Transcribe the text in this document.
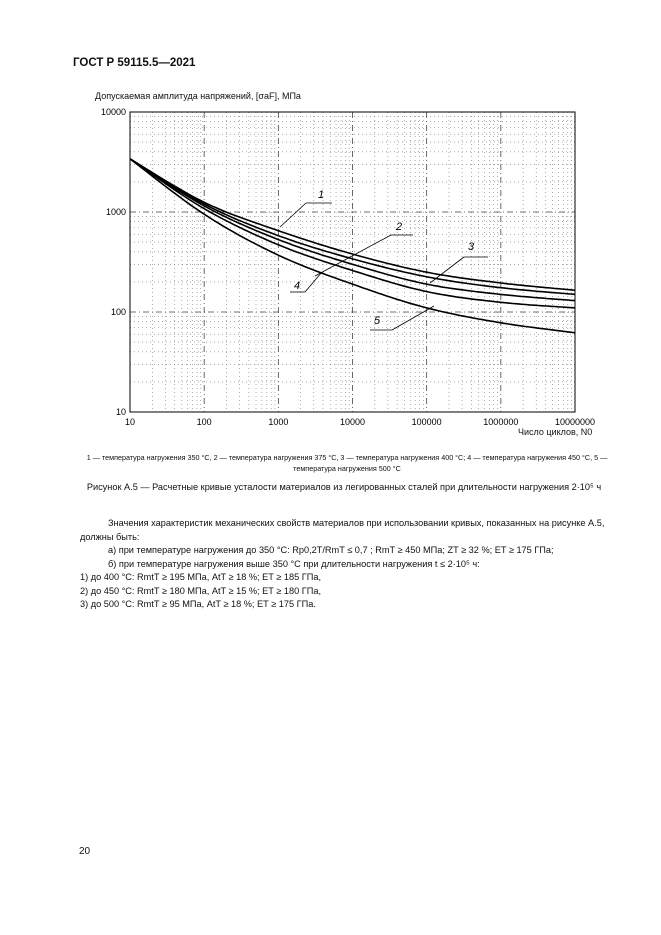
ГОСТ Р 59115.5—2021
Допускаемая амплитуда напряжений, [σaF], МПа
10	100	1000	10000	100000	1000000	10000000
10
100
1000
10000
1
2
3
4
5
Число циклов, N0
1 — температура нагружения 350 °С, 2 — температура нагружения 375 °С, 3 — температура нагружения 400 °С; 4 — температура нагружения 450 °С, 5 — температура нагружения 500 °С
Рисунок А.5 — Расчетные кривые усталости материалов из легированных сталей при длительности нагружения 2·10⁵ ч

Значения характеристик механических свойств материалов при использовании кривых, показанных на рисунке А.5, должны быть:

а) при температуре нагружения до 350 °С: Rp0,2T/RmT ≤ 0,7 ; RmT ≥ 450 МПа; ZT ≥ 32 %; ET ≥ 175 ГПа;

б) при температуре нагружения выше 350 °С при длительности нагружения t ≤ 2·10⁵ ч:

1) до 400 °С: RmtT ≥ 195 МПа, AtT ≥ 18 %; ET ≥ 185 ГПа,

2) до 450 °С: RmtT ≥ 180 МПа, AtT ≥ 15 %; ET ≥ 180 ГПа,

3) до 500 °С: RmtT ≥ 95 МПа, AtT ≥ 18 %; ET ≥ 175 ГПа.

20
